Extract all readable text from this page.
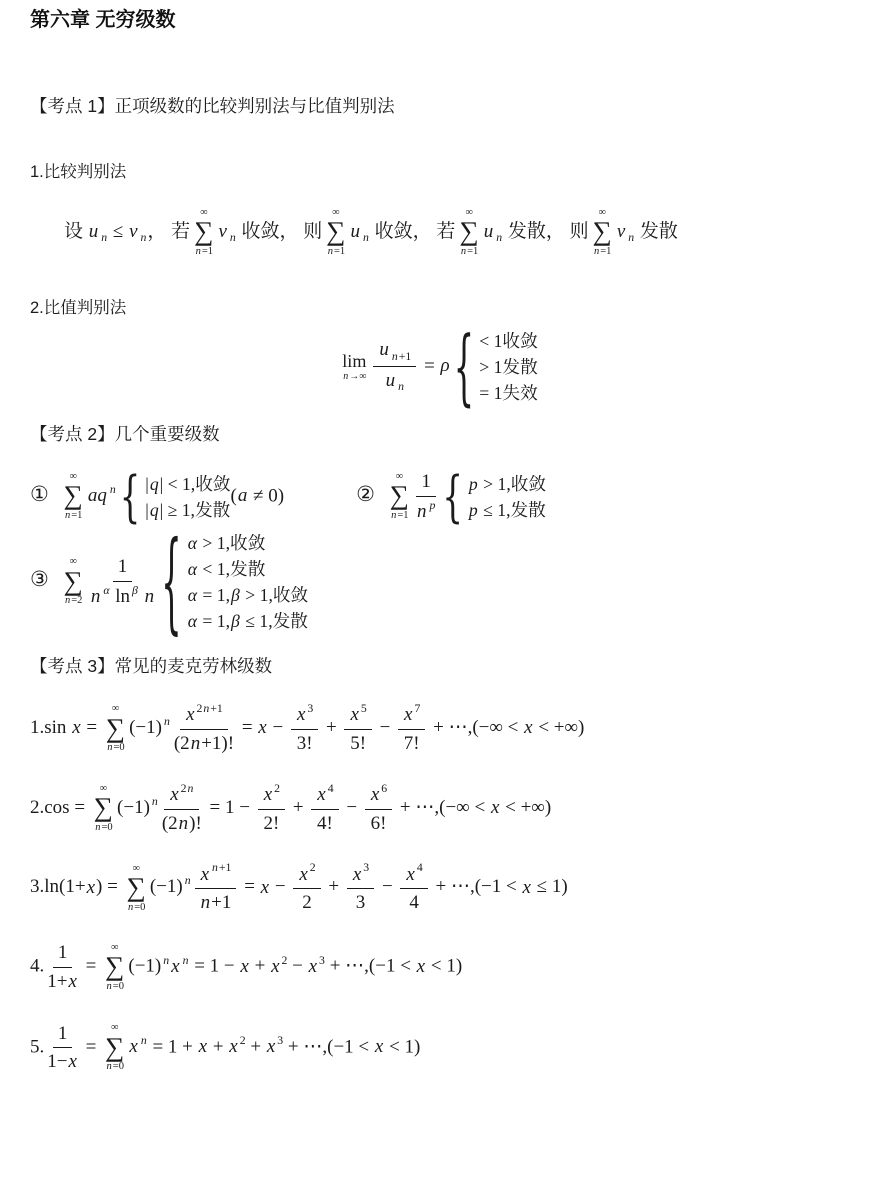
第六章 无穷级数
【考点 1】正项级数的比较判别法与比值判别法
1.比较判别法
设 u $_n$ ≤ v $_n$， 若
∞
∑
n=1
v $_n$ 收敛， 则
∞
∑
n=1
u $_n$ 收敛， 若
∞
∑
n=1
u $_n$ 发散， 则
∞
∑
n=1
v $_n$ 发散
2.比值判别法
lim
$n\to\infty \frac{u _{n+1}}{u _n} = \rho$ { < 1收敛
> 1发散
= 1失效
【考点 2】几个重要级数
①
∞
∑
n=1
aq $^n$ { |q| < 1,收敛
|q| ≥ 1,发散
(a ≠ 0)	②
∞
∑
$n=1 \frac{1}{n ^p}$ { p > 1,收敛
p ≤ 1,发散
③
∞
∑
$n=2 \frac{1}{n ^\alpha \ln ^\beta n}$ { α > 1,收敛
α < 1,发散
α = 1,β > 1,收敛
α = 1,β ≤ 1,发散
【考点 3】常见的麦克劳林级数
1.sin x =
∞
∑
n=0
(−1) $^n \frac{x ^{2n+1}}{(2n+1)!} = x - \frac{x ^3}{3!} + \frac{x ^5}{5!} - \frac{x ^7}{7!}$ + ⋯,(−∞ < x < +∞)
2.cos =
∞
∑
n=0
(−1) $^n \frac{x ^{2n}}{(2n)!} = 1 - \frac{x ^2}{2!} + \frac{x ^4}{4!} - \frac{x ^6}{6!}$ + ⋯,(−∞ < x < +∞)
3.ln(1+x) =
∞
∑
n=0
(−1) $^n \frac{x ^{n+1}}{n+1} = x - \frac{x ^2}{2} + \frac{x ^3}{3} - \frac{x ^4}{4}$ + ⋯,(−1 < x ≤ 1)
4. $\frac{1}{1+x}$ =
∞
∑
n=0
(−1) $^n$ x $^n$ = 1 − x + x $^2$ − x $^3$ + ⋯,(−1 < x < 1)
5. $\frac{1}{1-x}$ =
∞
∑
n=0
x $^n$ = 1 + x + x $^2$ + x $^3$ + ⋯,(−1 < x < 1)
